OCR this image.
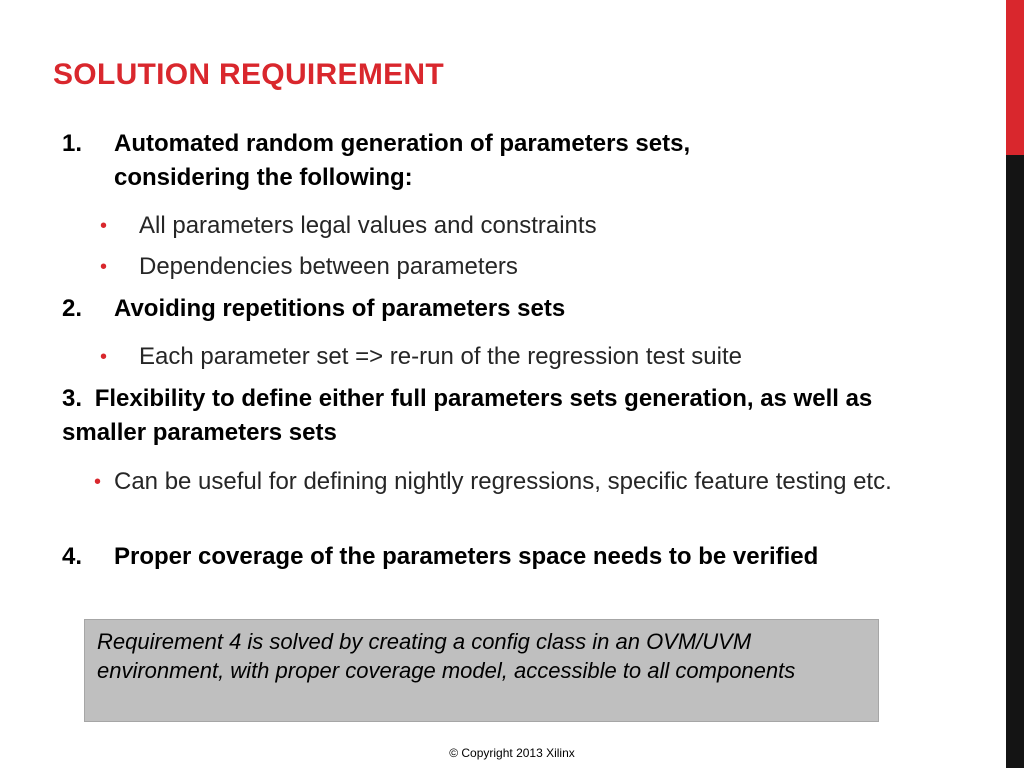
SOLUTION REQUIREMENT
1.	Automated random generation of parameters sets, considering the following:
•	All parameters legal values and constraints
•	Dependencies between parameters
2.	Avoiding repetitions of parameters sets
•	Each parameter set => re-run of the regression test suite
3. Flexibility to define either full parameters sets generation, as well as smaller parameters sets
• Can be useful for defining nightly regressions, specific feature testing etc.
4.	Proper coverage of the parameters space needs to be verified
Requirement 4 is solved by creating a config class in an OVM/UVM environment, with proper coverage model, accessible to all components
© Copyright 2013 Xilinx
